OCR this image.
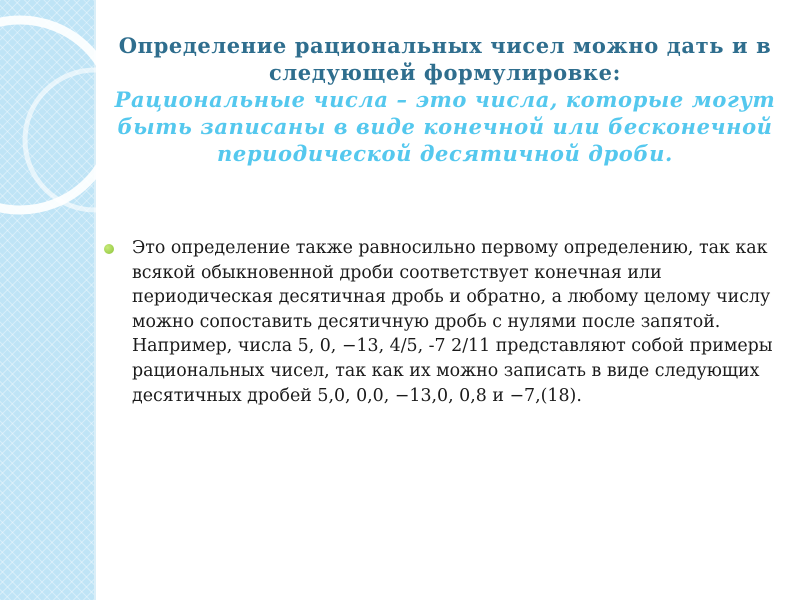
Определение рациональных чисел можно дать и в следующей формулировке:
Рациональные числа – это числа, которые могут быть записаны в виде конечной или бесконечной периодической десятичной дроби.
Это определение также равносильно первому определению, так как всякой обыкновенной дроби соответствует конечная или периодическая десятичная дробь и обратно, а любому целому числу можно сопоставить десятичную дробь с нулями после запятой.
Например, числа 5, 0, −13, 4/5, -7 2/11 представляют собой примеры рациональных чисел, так как их можно записать в виде следующих десятичных дробей 5,0, 0,0, −13,0, 0,8 и −7,(18).
